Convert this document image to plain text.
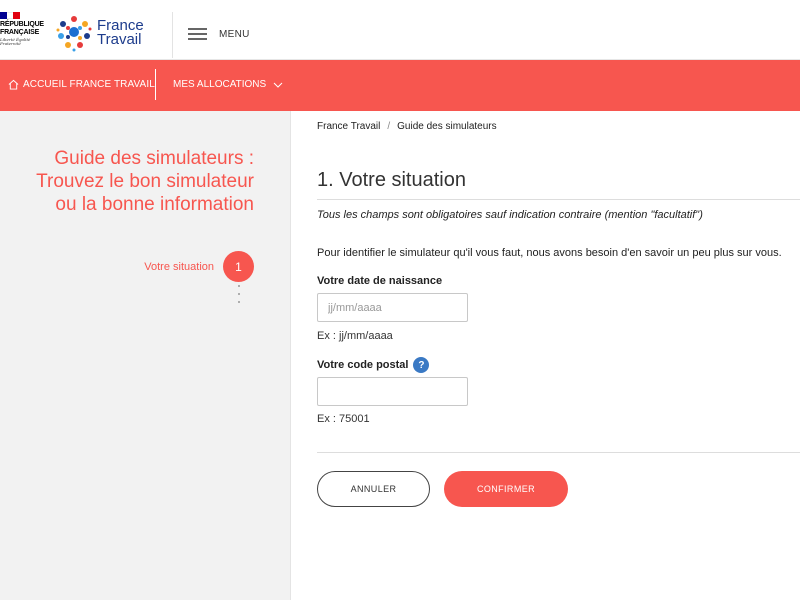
RÉPUBLIQUE
FRANÇAISE
Liberté Égalité Fraternité
France
Travail	MENU
ACCUEIL FRANCE TRAVAIL MES ALLOCATIONS
Guide des simulateurs :
Trouvez le bon simulateur
ou la bonne information
Votre situation	1
France Travail / Guide des simulateurs
1. Votre situation

Tous les champs sont obligatoires sauf indication contraire (mention "facultatif")

Pour identifier le simulateur qu'il vous faut, nous avons besoin d'en savoir un peu plus sur vous.

Votre date de naissance
jj/mm/aaaa

Ex : jj/mm/aaaa

Votre code postal ?

Ex : 75001

ANNULER	CONFIRMER
